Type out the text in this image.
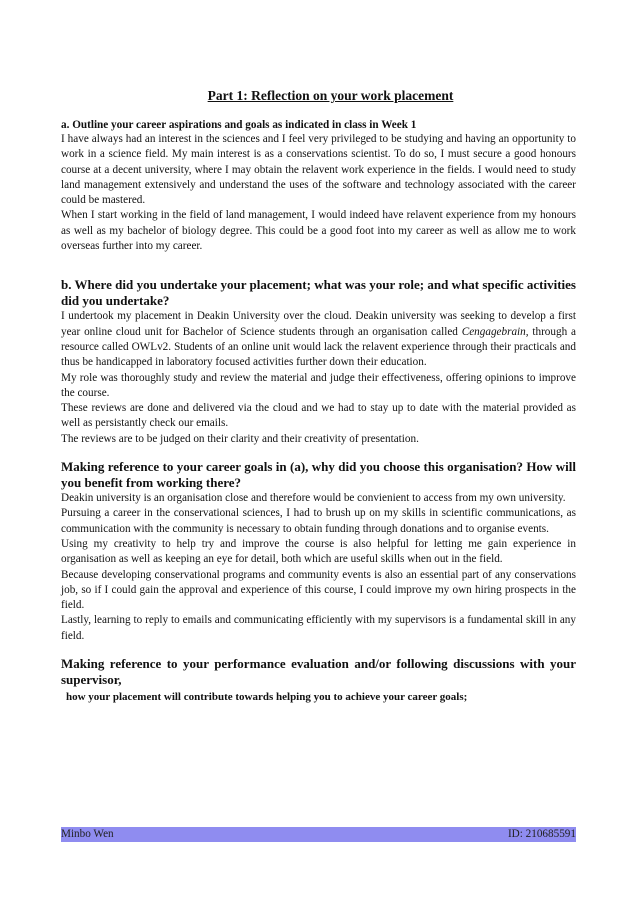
Part 1: Reflection on your work placement
a. Outline your career aspirations and goals as indicated in class in Week 1

I have always had an interest in the sciences and I feel very privileged to be studying and having an opportunity to work in a science field. My main interest is as a conservations scientist. To do so, I must secure a good honours course at a decent university, where I may obtain the relavent work experience in the fields. I would need to study land management extensively and understand the uses of the software and technology associated with the career could be mastered.

When I start working in the field of land management, I would indeed have relavent experience from my honours as well as my bachelor of biology degree. This could be a good foot into my career as well as allow me to work overseas further into my career.

b. Where did you undertake your placement; what was your role; and what specific activities did you undertake?

I undertook my placement in Deakin University over the cloud. Deakin university was seeking to develop a first year online cloud unit for Bachelor of Science students through an organisation called Cengagebrain, through a resource called OWLv2. Students of an online unit would lack the relavent experience through their practicals and thus be handicapped in laboratory focused activities further down their education.

My role was thoroughly study and review the material and judge their effectiveness, offering opinions to improve the course.

These reviews are done and delivered via the cloud and we had to stay up to date with the material provided as well as persistantly check our emails.

The reviews are to be judged on their clarity and their creativity of presentation.

Making reference to your career goals in (a), why did you choose this organisation? How will you benefit from working there?

Deakin university is an organisation close and therefore would be convienient to access from my own university.

Pursuing a career in the conservational sciences, I had to brush up on my skills in scientific communications, as communication with the community is necessary to obtain funding through donations and to organise events.

Using my creativity to help try and improve the course is also helpful for letting me gain experience in organisation as well as keeping an eye for detail, both which are useful skills when out in the field.

Because developing conservational programs and community events is also an essential part of any conservations job, so if I could gain the approval and experience of this course, I could improve my own hiring prospects in the field.

Lastly, learning to reply to emails and communicating efficiently with my supervisors is a fundamental skill in any field.

Making reference to your performance evaluation and/or following discussions with your supervisor,
how your placement will contribute towards helping you to achieve your career goals;
Minbo Wen	ID: 210685591
